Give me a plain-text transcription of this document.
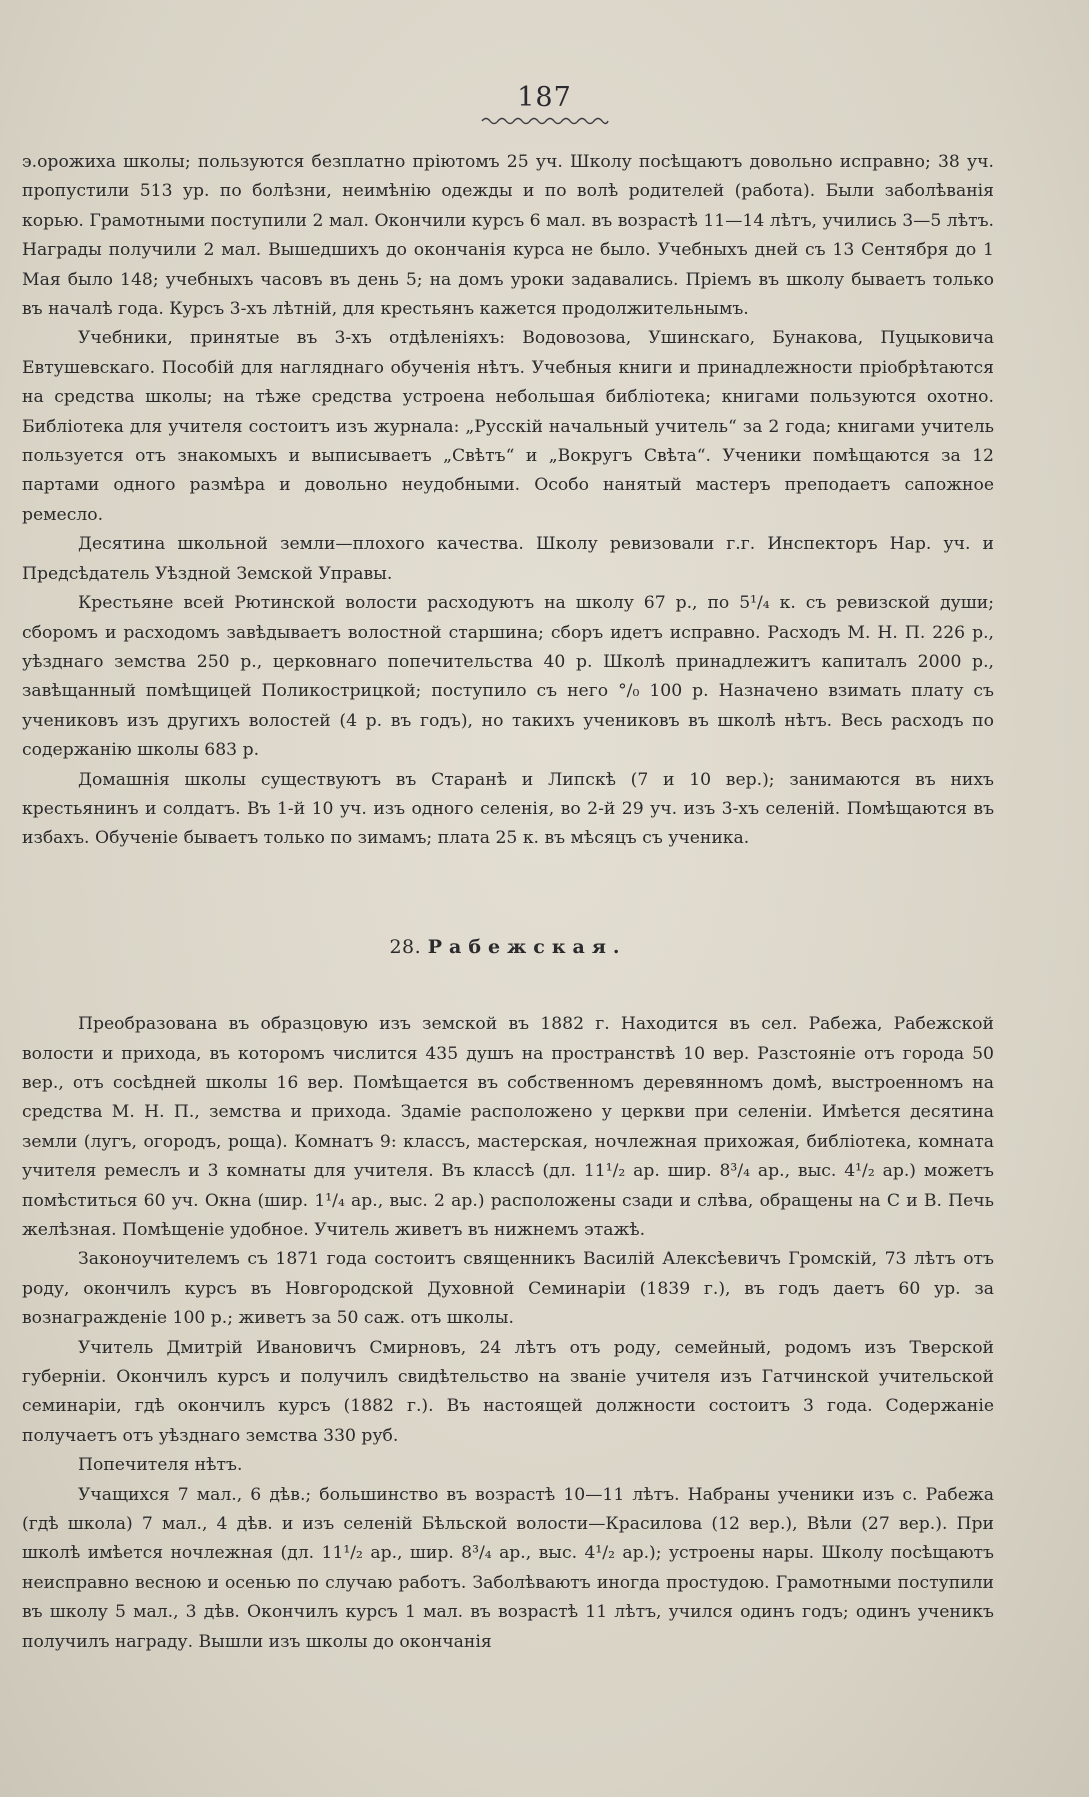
187

э.орожиха школы; пользуются безплатно пріютомъ 25 уч. Школу посѣщаютъ довольно исправно; 38 уч. пропустили 513 ур. по болѣзни, неимѣнію одежды и по волѣ родителей (работа). Были заболѣванія корью. Грамотными поступили 2 мал. Окончили курсъ 6 мал. въ возрастѣ 11—14 лѣтъ, учились 3—5 лѣтъ. Награды получили 2 мал. Вышедшихъ до окончанія курса не было. Учебныхъ дней съ 13 Сентября до 1 Мая было 148; учебныхъ часовъ въ день 5; на домъ уроки задавались. Пріемъ въ школу бываетъ только въ началѣ года. Курсъ 3-хъ лѣтній, для крестьянъ кажется продолжительнымъ.

Учебники, принятые въ 3-хъ отдѣленіяхъ: Водовозова, Ушинскаго, Бунакова, Пуцыковича Евтушевскаго. Пособій для нагляднаго обученія нѣтъ. Учебныя книги и принадлежности пріобрѣтаются на средства школы; на тѣже средства устроена небольшая библіотека; книгами пользуются охотно. Библіотека для учителя состоитъ изъ журнала: „Русскій начальный учитель“ за 2 года; книгами учитель пользуется отъ знакомыхъ и выписываетъ „Свѣтъ“ и „Вокругъ Свѣта“. Ученики помѣщаются за 12 партами одного размѣра и довольно неудобными. Особо нанятый мастеръ преподаетъ сапожное ремесло.

Десятина школьной земли—плохого качества. Школу ревизовали г.г. Инспекторъ Нар. уч. и Предсѣдатель Уѣздной Земской Управы.

Крестьяне всей Рютинской волости расходуютъ на школу 67 р., по 5¹/₄ к. съ ревизской души; сборомъ и расходомъ завѣдываетъ волостной старшина; сборъ идетъ исправно. Расходъ М. Н. П. 226 р., уѣзднаго земства 250 р., церковнаго попечительства 40 р. Школѣ принадлежитъ капиталъ 2000 р., завѣщанный помѣщицей Поликострицкой; поступило съ него °/₀ 100 р. Назначено взимать плату съ учениковъ изъ другихъ волостей (4 р. въ годъ), но такихъ учениковъ въ школѣ нѣтъ. Весь расходъ по содержанію школы 683 р.

Домашнія школы существуютъ въ Старанѣ и Липскѣ (7 и 10 вер.); занимаются въ нихъ крестьянинъ и солдатъ. Въ 1-й 10 уч. изъ одного селенія, во 2-й 29 уч. изъ 3-хъ селеній. Помѣщаются въ избахъ. Обученіе бываетъ только по зимамъ; плата 25 к. въ мѣсяцъ съ ученика.

28. Рабежская.

Преобразована въ образцовую изъ земской въ 1882 г. Находится въ сел. Рабежа, Рабежской волости и прихода, въ которомъ числится 435 душъ на пространствѣ 10 вер. Разстояніе отъ города 50 вер., отъ сосѣдней школы 16 вер. Помѣщается въ собственномъ деревянномъ домѣ, выстроенномъ на средства М. Н. П., земства и прихода. Здаміе расположено у церкви при селеніи. Имѣется десятина земли (лугъ, огородъ, роща). Комнатъ 9: классъ, мастерская, ночлежная прихожая, библіотека, комната учителя ремеслъ и 3 комнаты для учителя. Въ классѣ (дл. 11¹/₂ ар. шир. 8³/₄ ар., выс. 4¹/₂ ар.) можетъ помѣститься 60 уч. Окна (шир. 1¹/₄ ар., выс. 2 ар.) расположены сзади и слѣва, обращены на С и В. Печь желѣзная. Помѣщеніе удобное. Учитель живетъ въ нижнемъ этажѣ.

Законоучителемъ съ 1871 года состоитъ священникъ Василій Алексѣевичъ Громскій, 73 лѣтъ отъ роду, окончилъ курсъ въ Новгородской Духовной Семинаріи (1839 г.), въ годъ даетъ 60 ур. за вознагражденіе 100 р.; живетъ за 50 саж. отъ школы.

Учитель Дмитрій Ивановичъ Смирновъ, 24 лѣтъ отъ роду, семейный, родомъ изъ Тверской губерніи. Окончилъ курсъ и получилъ свидѣтельство на званіе учителя изъ Гатчинской учительской семинаріи, гдѣ окончилъ курсъ (1882 г.). Въ настоящей должности состоитъ 3 года. Содержаніе получаетъ отъ уѣзднаго земства 330 руб.

Попечителя нѣтъ.

Учащихся 7 мал., 6 дѣв.; большинство въ возрастѣ 10—11 лѣтъ. Набраны ученики изъ с. Рабежа (гдѣ школа) 7 мал., 4 дѣв. и изъ селеній Бѣльской волости—Красилова (12 вер.), Вѣли (27 вер.). При школѣ имѣется ночлежная (дл. 11¹/₂ ар., шир. 8³/₄ ар., выс. 4¹/₂ ар.); устроены нары. Школу посѣщаютъ неисправно весною и осенью по случаю работъ. Заболѣваютъ иногда простудою. Грамотными поступили въ школу 5 мал., 3 дѣв. Окончилъ курсъ 1 мал. въ возрастѣ 11 лѣтъ, учился одинъ годъ; одинъ ученикъ получилъ награду. Вышли изъ школы до окончанія
